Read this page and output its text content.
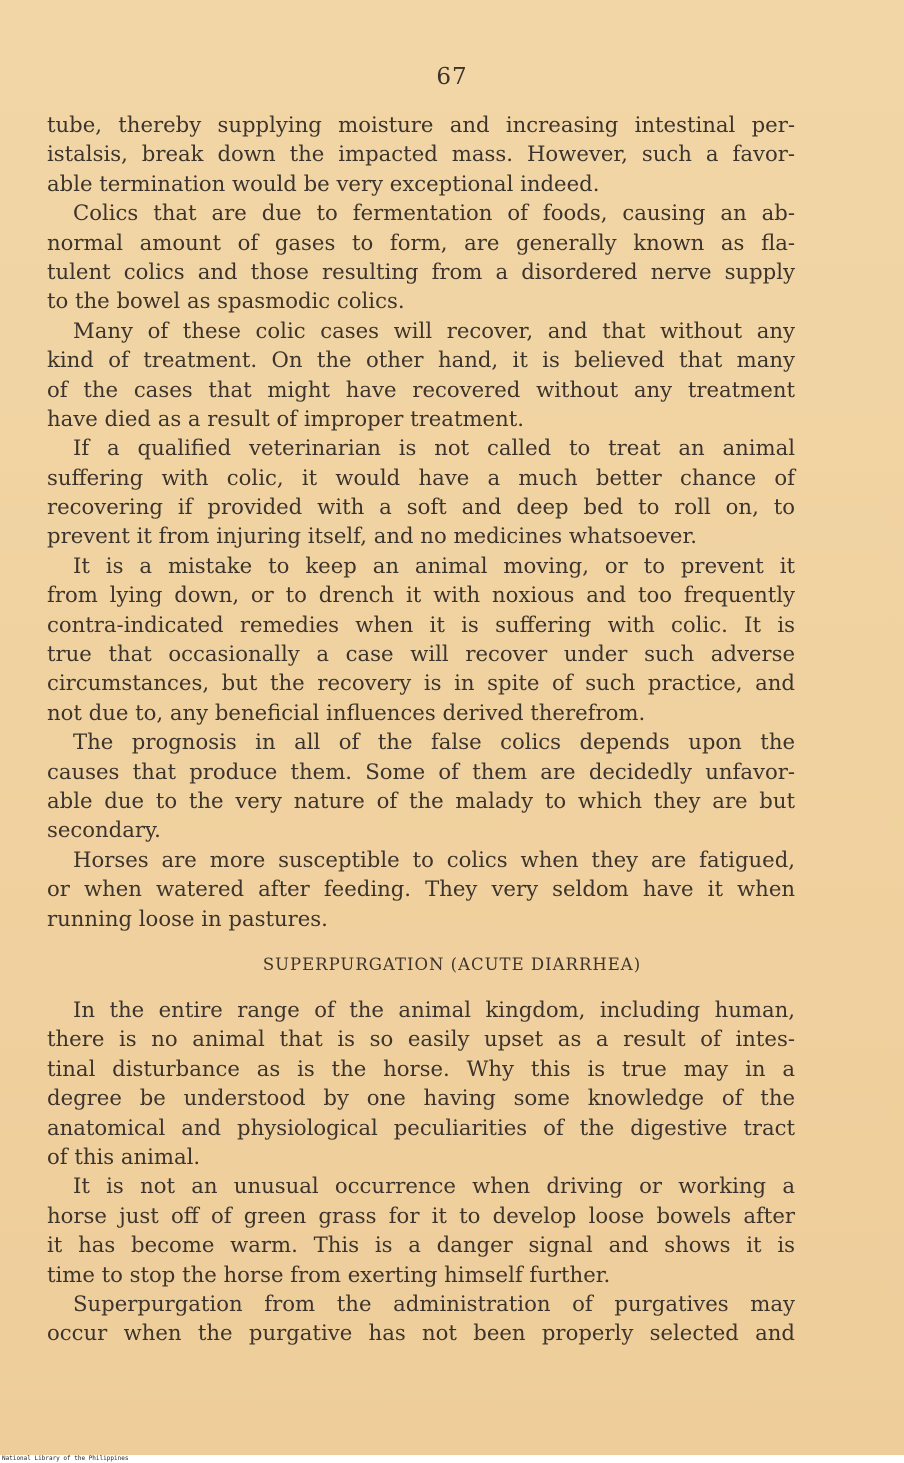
67
tube, thereby supplying moisture and increasing intestinal per-
istalsis, break down the impacted mass. However, such a favor-
able termination would be very exceptional indeed.
Colics that are due to fermentation of foods, causing an ab-
normal amount of gases to form, are generally known as fla-
tulent colics and those resulting from a disordered nerve supply
to the bowel as spasmodic colics.
Many of these colic cases will recover, and that without any
kind of treatment. On the other hand, it is believed that many
of the cases that might have recovered without any treatment
have died as a result of improper treatment.
If a qualified veterinarian is not called to treat an animal
suffering with colic, it would have a much better chance of
recovering if provided with a soft and deep bed to roll on, to
prevent it from injuring itself, and no medicines whatsoever.
It is a mistake to keep an animal moving, or to prevent it
from lying down, or to drench it with noxious and too frequently
contra-indicated remedies when it is suffering with colic. It is
true that occasionally a case will recover under such adverse
circumstances, but the recovery is in spite of such practice, and
not due to, any beneficial influences derived therefrom.
The prognosis in all of the false colics depends upon the
causes that produce them. Some of them are decidedly unfavor-
able due to the very nature of the malady to which they are but
secondary.
Horses are more susceptible to colics when they are fatigued,
or when watered after feeding. They very seldom have it when
running loose in pastures.
SUPERPURGATION (ACUTE DIARRHEA)
In the entire range of the animal kingdom, including human,
there is no animal that is so easily upset as a result of intes-
tinal disturbance as is the horse. Why this is true may in a
degree be understood by one having some knowledge of the
anatomical and physiological peculiarities of the digestive tract
of this animal.
It is not an unusual occurrence when driving or working a
horse just off of green grass for it to develop loose bowels after
it has become warm. This is a danger signal and shows it is
time to stop the horse from exerting himself further.
Superpurgation from the administration of purgatives may
occur when the purgative has not been properly selected and
National Library of the Philippines
